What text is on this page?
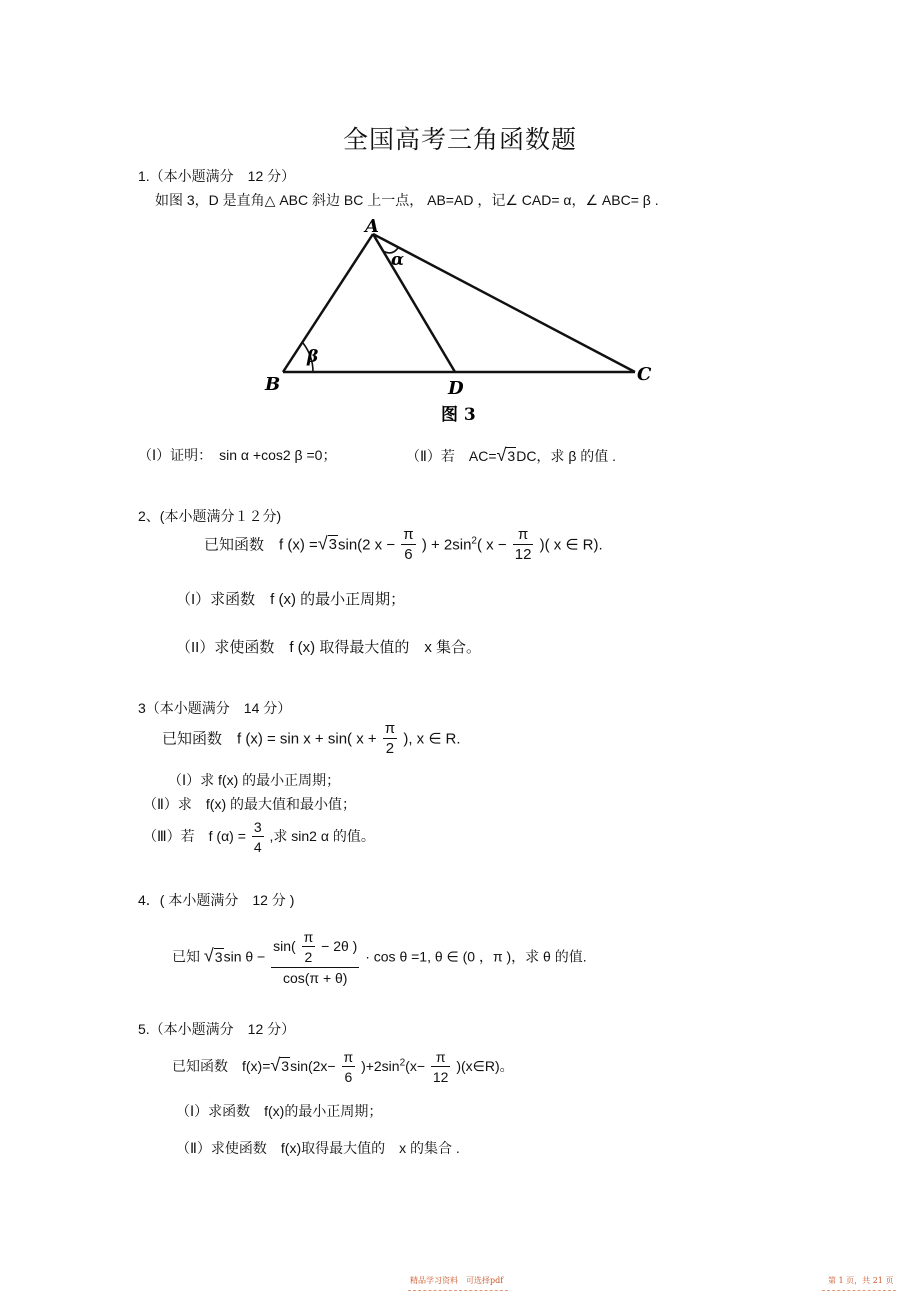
全国高考三角函数题
1.（本小题满分　12 分）
如图 3，D 是直角△ ABC 斜边 BC 上一点， AB=AD ，记∠ CAD= α，∠ ABC= β .
A
B	C
D
α
β
图 3
（Ⅰ）证明：　sin α +cos2 β =0；	（Ⅱ）若　AC=√3DC，求 β 的值 .
2、(本小题满分１２分)
已知函数　f (x) =√3sin(2 $x - \frac{\pi}{6}$ ) + $2\sin^2$( $x - \frac{\pi}{12}$ )( x ∈ R).
（I）求函数　f (x) 的最小正周期；
（II）求使函数　f (x) 取得最大值的　x 集合。
3（本小题满分　14 分）
已知函数　f (x) = sin x + sin( $x + \frac{\pi}{2}$ ), x ∈ R.
（Ⅰ）求 f(x) 的最小正周期；
（Ⅱ）求　f(x) 的最大值和最小值；
（Ⅲ）若　f $(\alpha) = \frac{3}{4}$ ,求 sin2 α 的值。
4．( 本小题满分　12 分 )
已知 √3sin $\theta - \frac{\sin( \frac{\pi}{2} - 2\theta )}{\cos(\pi + \theta)} \cdot \cos \theta =1$, θ ∈ (0 ，π )，求 θ 的值.
5.（本小题满分　12 分）
已知函数　$f(x)=√3\sin(2x- \frac{\pi}{6} )+2\sin^2(x- \frac{\pi}{12}$ )(x∈R)。
（Ⅰ）求函数　f(x)的最小正周期；
（Ⅱ）求使函数　f(x)取得最大值的　x 的集合 .
精品学习资料　可选择pdf	第 1 页，共 21 页
